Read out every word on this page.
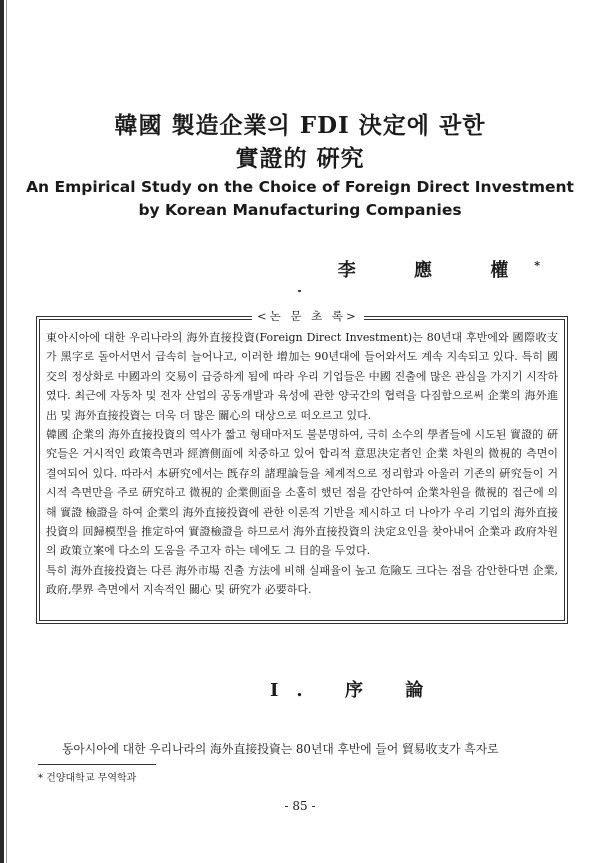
韓國 製造企業의 FDI 決定에 관한
實證的 硏究
An Empirical Study on the Choice of Foreign Direct Investment
by Korean Manufacturing Companies
李 應 權*
<논 문 초 록>

東아시아에 대한 우리나라의 海外直接投資(Foreign Direct Investment)는 80년대 후반에와 國際收支가 黑字로 돌아서면서 급속히 늘어나고, 이러한 增加는 90년대에 들어와서도 계속 지속되고 있다. 특히 國交의 정상화로 中國과의 交易이 급증하게 됨에 따라 우리 기업들은 中國 진출에 많은 관심을 가지기 시작하였다. 최근에 자동차 및 전자 산업의 공동개발과 육성에 관한 양국간의 협력을 다짐함으로써 企業의 海外進出 및 海外直接投資는 더욱 더 많은 關心의 대상으로 떠오르고 있다.

韓國 企業의 海外直接投資의 역사가 짧고 형태마저도 불분명하여, 극히 소수의 學者들에 시도된 實證的 硏究들은 거시적인 政策측면과 經濟側面에 치중하고 있어 합리적 意思決定者인 企業 차원의 微視的 측면이 결여되어 있다. 따라서 本硏究에서는 旣存의 諸理論들을 체계적으로 정리함과 아울러 기존의 硏究들이 거시적 측면만을 주로 硏究하고 微視的 企業側面을 소홀히 했던 점을 감안하여 企業차원을 微視的 접근에 의해 實證 檢證을 하여 企業의 海外直接投資에 관한 이론적 기반을 제시하고 더 나아가 우리 기업의 海外直接投資의 回歸模型을 推定하여 實證檢證을 하므로서 海外直接投資의 決定요인을 찾아내어 企業과 政府차원의 政策立案에 다소의 도움을 주고자 하는 데에도 그 目的을 두었다.

특히 海外直接投資는 다른 海外市場 진출 方法에 비해 실패율이 높고 危險도 크다는 점을 감안한다면 企業, 政府,學界 측면에서 지속적인 關心 및 硏究가 必要하다.

Ⅰ. 序 論
동아시아에 대한 우리나라의 海外直接投資는 80년대 후반에 들어 貿易收支가 흑자로
* 건양대학교 무역학과
- 85 -
